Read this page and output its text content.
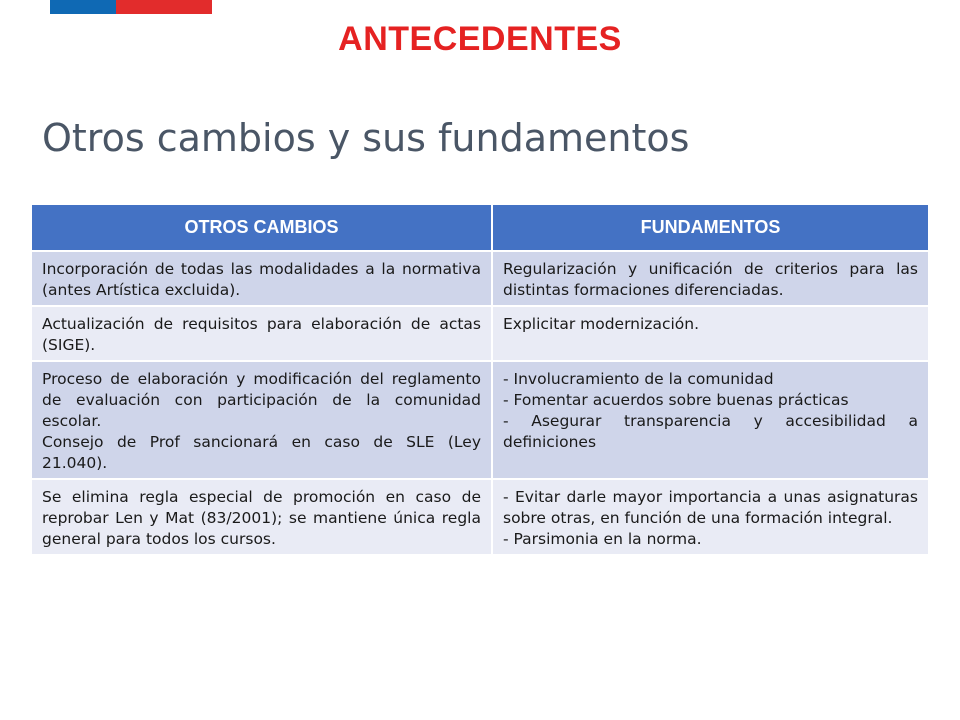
ANTECEDENTES
Otros cambios y sus fundamentos
OTROS CAMBIOS	FUNDAMENTOS

Incorporación de todas las modalidades a la normativa (antes Artística excluida).	Regularización y unificación de criterios para las distintas formaciones diferenciadas.

Actualización de requisitos para elaboración de actas (SIGE).	Explicitar modernización.

Proceso de elaboración y modificación del reglamento de evaluación con participación de la comunidad escolar.
Consejo de Prof sancionará en caso de SLE (Ley 21.040).	- Involucramiento de la comunidad
- Fomentar acuerdos sobre buenas prácticas
- Asegurar transparencia y accesibilidad a definiciones

Se elimina regla especial de promoción en caso de reprobar Len y Mat (83/2001); se mantiene única regla general para todos los cursos.	- Evitar darle mayor importancia a unas asignaturas sobre otras, en función de una formación integral.
- Parsimonia en la norma.
